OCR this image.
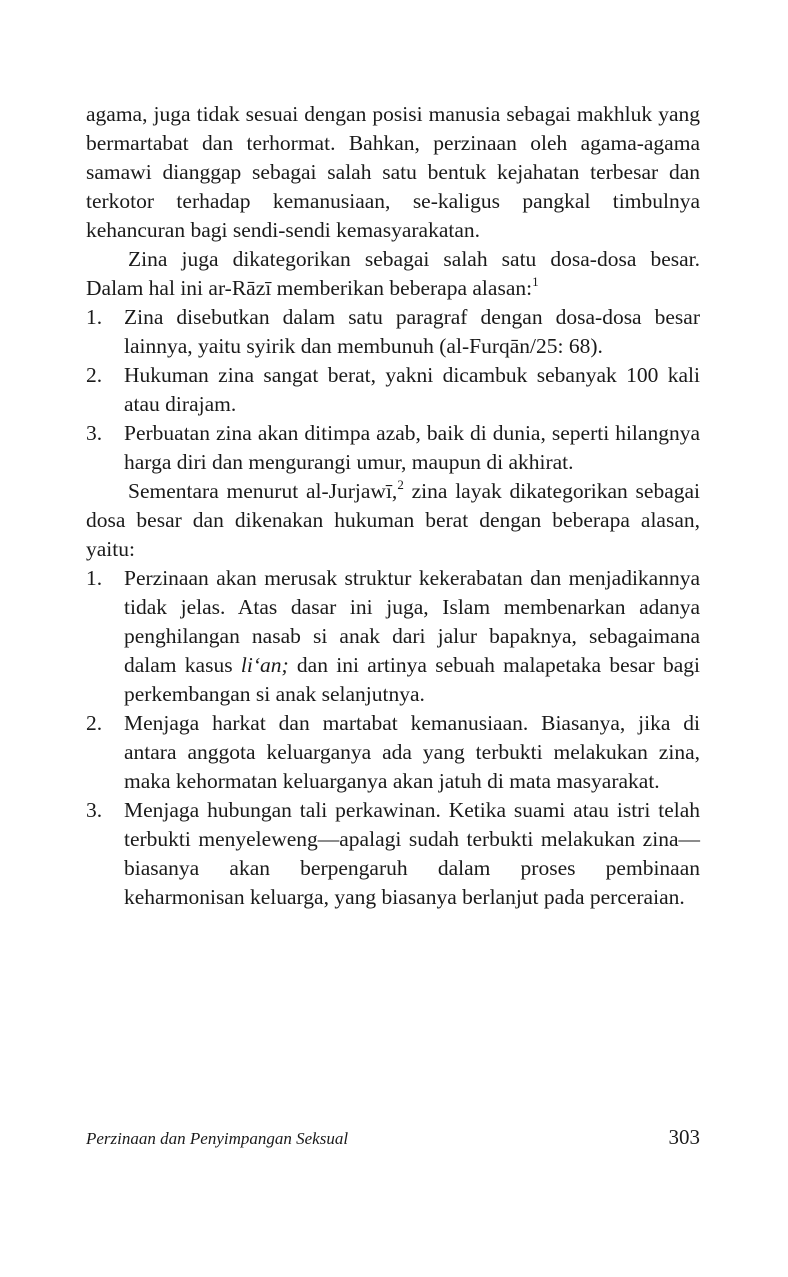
agama, juga tidak sesuai dengan posisi manusia sebagai makhluk yang bermartabat dan terhormat. Bahkan, perzinaan oleh agama-agama samawi dianggap sebagai salah satu bentuk kejahatan terbesar dan terkotor terhadap kemanusiaan, se-kaligus pangkal timbulnya kehancuran bagi sendi-sendi kemasyarakatan.

Zina juga dikategorikan sebagai salah satu dosa-dosa besar. Dalam hal ini ar-Rāzī memberikan beberapa alasan:$^1$

1. Zina disebutkan dalam satu paragraf dengan dosa-dosa besar lainnya, yaitu syirik dan membunuh (al-Furqān/25: 68).
2. Hukuman zina sangat berat, yakni dicambuk sebanyak 100 kali atau dirajam.
3. Perbuatan zina akan ditimpa azab, baik di dunia, seperti hilangnya harga diri dan mengurangi umur, maupun di akhirat.

Sementara menurut al-Jurjawī,$^2$ zina layak dikategorikan sebagai dosa besar dan dikenakan hukuman berat dengan beberapa alasan, yaitu:

1. Perzinaan akan merusak struktur kekerabatan dan menjadikannya tidak jelas. Atas dasar ini juga, Islam membenarkan adanya penghilangan nasab si anak dari jalur bapaknya, sebagaimana dalam kasus li‘an; dan ini artinya sebuah malapetaka besar bagi perkembangan si anak selanjutnya.
2. Menjaga harkat dan martabat kemanusiaan. Biasanya, jika di antara anggota keluarganya ada yang terbukti melakukan zina, maka kehormatan keluarganya akan jatuh di mata masyarakat.
3. Menjaga hubungan tali perkawinan. Ketika suami atau istri telah terbukti menyeleweng—apalagi sudah terbukti melakukan zina—biasanya akan berpengaruh dalam proses pembinaan keharmonisan keluarga, yang biasanya berlanjut pada perceraian.
Perzinaan dan Penyimpangan Seksual	303
